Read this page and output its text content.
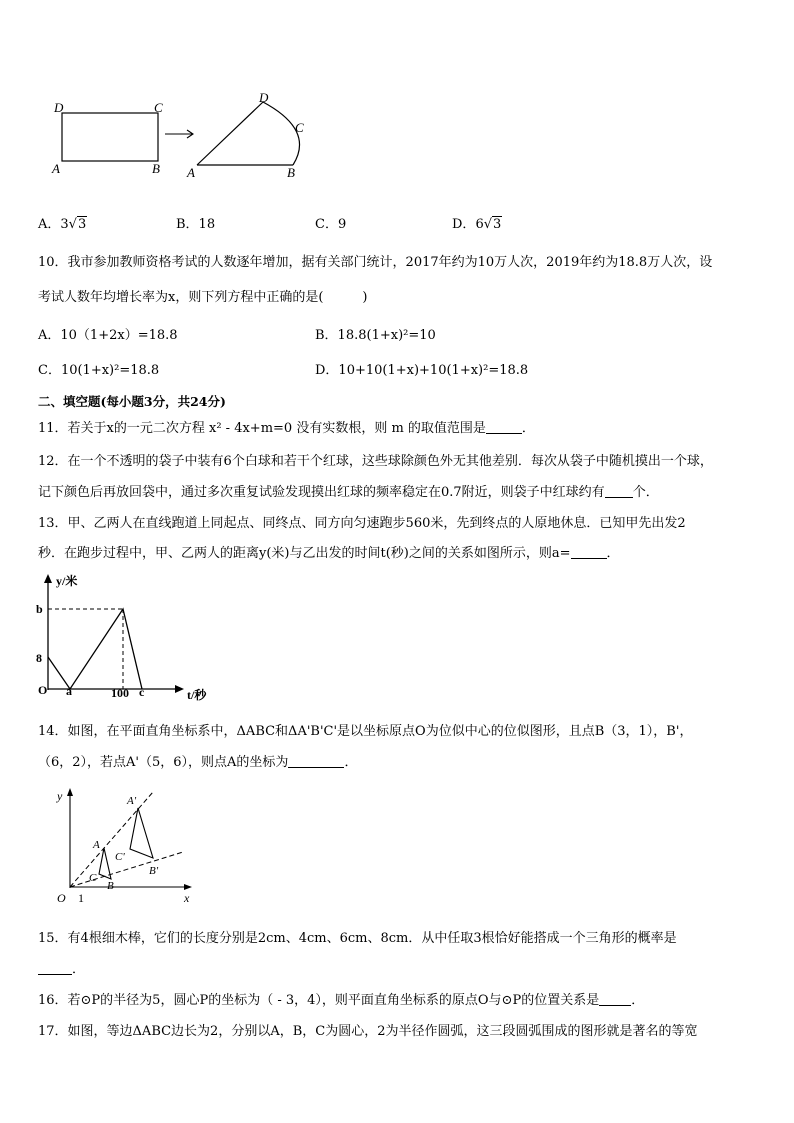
D	C
A	B
D
C
A	B
A．3√3	B．18	C．9	D．6√3
10．我市参加教师资格考试的人数逐年增加，据有关部门统计，2017年约为10万人次，2019年约为18.8万人次，设
考试人数年均增长率为x，则下列方程中正确的是(　　　)
A．10（1+2x）=18.8	B．18.8(1+x)²=10
C．10(1+x)²=18.8	D．10+10(1+x)+10(1+x)²=18.8
二、填空题(每小题3分，共24分)
11．若关于x的一元二次方程 x² - 4x+m=0 没有实数根，则 m 的取值范围是	．
12．在一个不透明的袋子中装有6个白球和若干个红球，这些球除颜色外无其他差别．每次从袋子中随机摸出一个球，
记下颜色后再放回袋中，通过多次重复试验发现摸出红球的频率稳定在0.7附近，则袋子中红球约有 个．
13．甲、乙两人在直线跑道上同起点、同终点、同方向匀速跑步560米，先到终点的人原地休息．已知甲先出发2
秒．在跑步过程中，甲、乙两人的距离y(米)与乙出发的时间t(秒)之间的关系如图所示，则a=	．
y/米
t/秒
b
8
O a	100 c
14．如图，在平面直角坐标系中，ΔABC和ΔA'B'C'是以坐标原点O为位似中心的位似图形，且点B（3，1），B'，
（6，2），若点A'（5，6），则点A的坐标为	．
y
x
O 1
A
B
C
A'
B'
C'
15．有4根细木棒，它们的长度分别是2cm、4cm、6cm、8cm．从中任取3根恰好能搭成一个三角形的概率是
．
16．若⊙P的半径为5，圆心P的坐标为（ - 3，4），则平面直角坐标系的原点O与⊙P的位置关系是 ．
17．如图，等边ΔABC边长为2，分别以A，B，C为圆心，2为半径作圆弧，这三段圆弧围成的图形就是著名的等宽
